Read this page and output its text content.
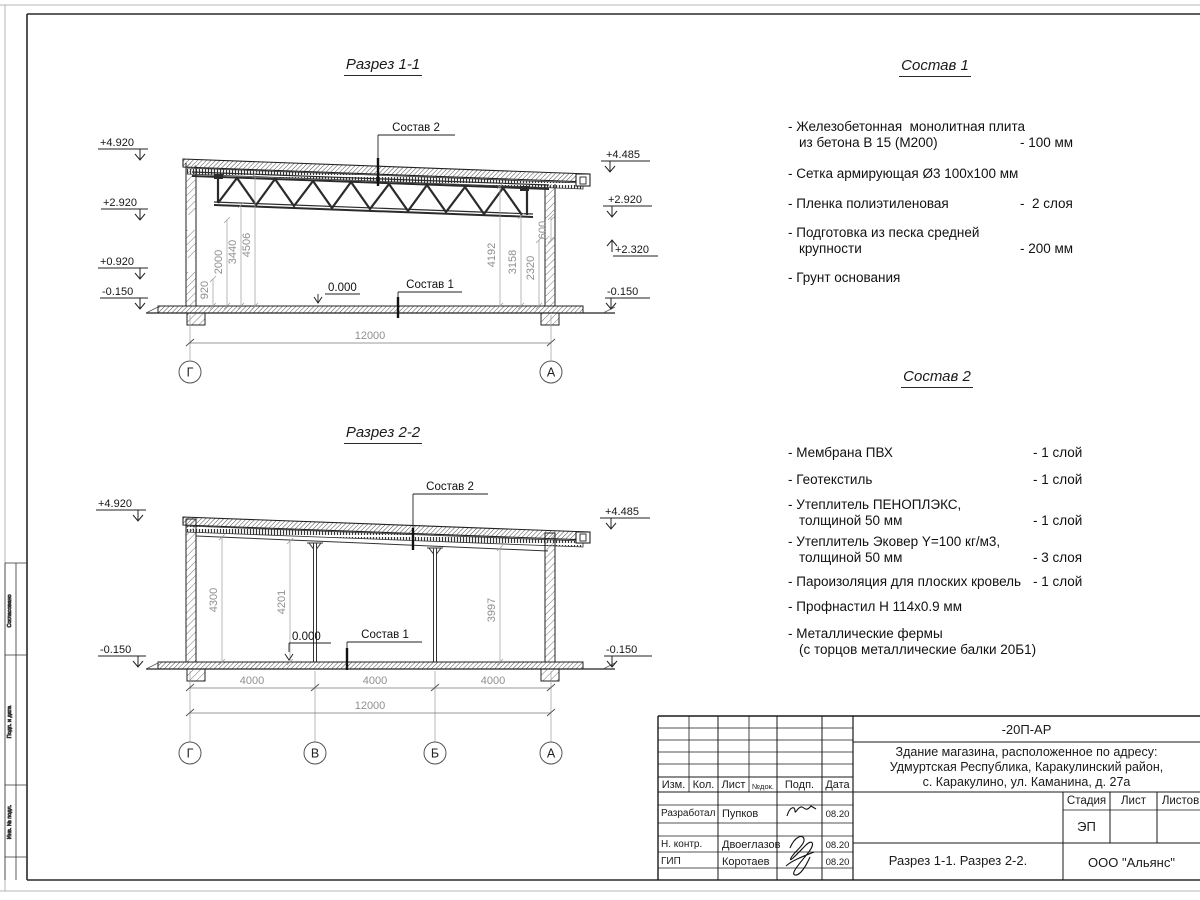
Согласовано
Подп. и дата
Инв. № подл.
+4.920
+2.920
+0.920
-0.150
+4.485
+2.920
+2.320
-0.150
920
2000 3440 4506	4192 3158 2320
600
12000
Г	А
Состав 2
Состав 1
0.000
+4.920
-0.150
+4.485
-0.150
4300	4201	3997
4000	4000	4000
12000
Г	В	Б	А
Состав 2
Состав 1
0.000
Разрез 1-1
Разрез 2-2
Состав 1
- Железобетонная  монолитная плита
из бетона В 15 (М200)	- 100 мм
- Сетка армирующая Ø3 100х100 мм
- Пленка полиэтиленовая	-  2 слоя
- Подготовка из песка средней
крупности	- 200 мм
- Грунт основания
Состав 2
- Мембрана ПВХ	- 1 слой
- Геотекстиль	- 1 слой
- Утеплитель ПЕНОПЛЭКС,
толщиной 50 мм	- 1 слой
- Утеплитель Эковер Y=100 кг/м3,
толщиной 50 мм	- 3 слоя
- Пароизоляция для плоских кровель - 1 слой
- Профнастил Н 114х0.9 мм
- Металлические фермы
(с торцов металлические балки 20Б1)
-20П-АР
Здание магазина, расположенное по адресу:
Удмуртская Республика, Каракулинский район,
с. Каракулино, ул. Каманина, д. 27а
Изм. Кол. Лист №док. Подп.	Дата
Разработал Пупков	08.20
Н. контр. Двоеглазов	08.20
ГИП	Коротаев	08.20
Стадия	Лист	Листов
ЭП
Разрез 1-1. Разрез 2-2.	ООО "Альянс"
